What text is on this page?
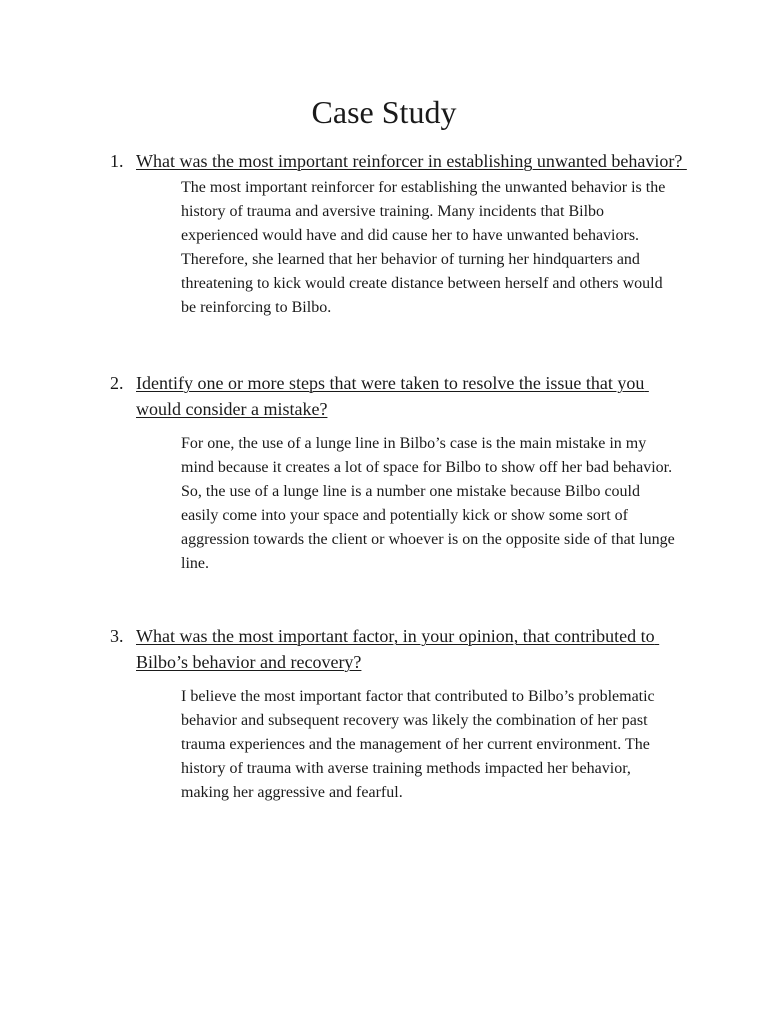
Case Study
1. What was the most important reinforcer in establishing unwanted behavior?
The most important reinforcer for establishing the unwanted behavior is the history of trauma and aversive training. Many incidents that Bilbo experienced would have and did cause her to have unwanted behaviors. Therefore, she learned that her behavior of turning her hindquarters and threatening to kick would create distance between herself and others would be reinforcing to Bilbo.
2. Identify one or more steps that were taken to resolve the issue that you would consider a mistake?
For one, the use of a lunge line in Bilbo’s case is the main mistake in my mind because it creates a lot of space for Bilbo to show off her bad behavior. So, the use of a lunge line is a number one mistake because Bilbo could easily come into your space and potentially kick or show some sort of aggression towards the client or whoever is on the opposite side of that lunge line.
3. What was the most important factor, in your opinion, that contributed to Bilbo’s behavior and recovery?
I believe the most important factor that contributed to Bilbo’s problematic behavior and subsequent recovery was likely the combination of her past trauma experiences and the management of her current environment. The history of trauma with averse training methods impacted her behavior, making her aggressive and fearful.
